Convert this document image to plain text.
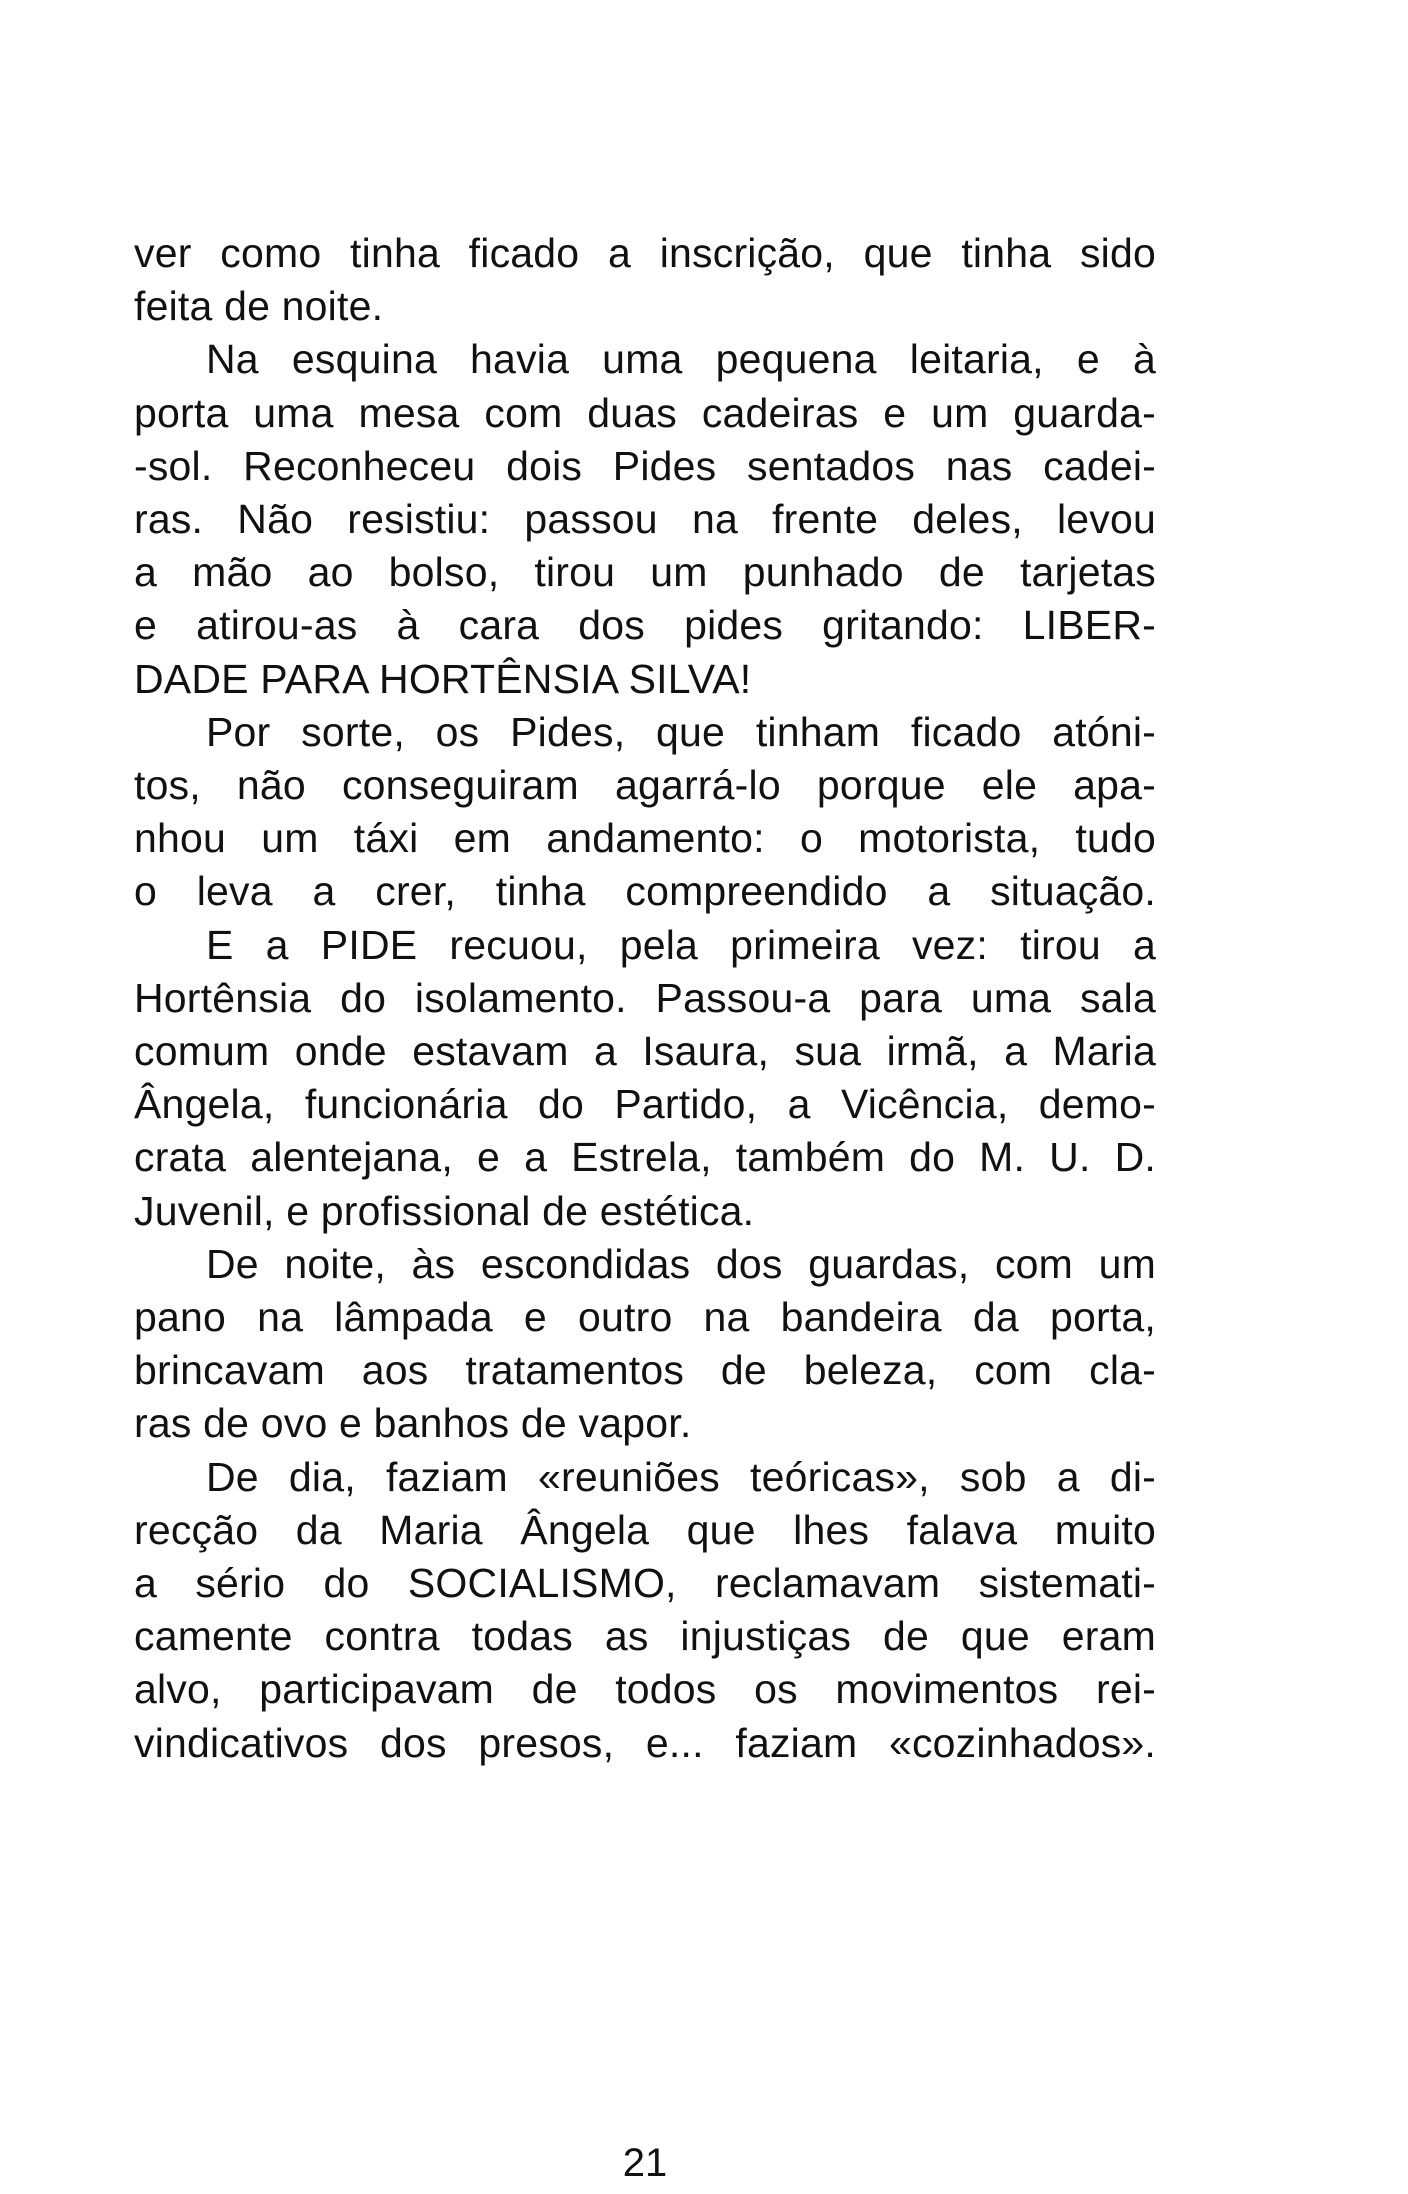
ver como tinha ficado a inscrição, que tinha sido
feita de noite.
Na esquina havia uma pequena leitaria, e à
porta uma mesa com duas cadeiras e um guarda-
-sol. Reconheceu dois Pides sentados nas cadei-
ras. Não resistiu: passou na frente deles, levou
a mão ao bolso, tirou um punhado de tarjetas
e atirou-as à cara dos pides gritando: LIBER-
DADE PARA HORTÊNSIA SILVA!
Por sorte, os Pides, que tinham ficado atóni-
tos, não conseguiram agarrá-lo porque ele apa-
nhou um táxi em andamento: o motorista, tudo
o leva a crer, tinha compreendido a situação.
E a PIDE recuou, pela primeira vez: tirou a
Hortênsia do isolamento. Passou-a para uma sala
comum onde estavam a Isaura, sua irmã, a Maria
Ângela, funcionária do Partido, a Vicência, demo-
crata alentejana, e a Estrela, também do M. U. D.
Juvenil, e profissional de estética.
De noite, às escondidas dos guardas, com um
pano na lâmpada e outro na bandeira da porta,
brincavam aos tratamentos de beleza, com cla-
ras de ovo e banhos de vapor.
De dia, faziam «reuniões teóricas», sob a di-
recção da Maria Ângela que lhes falava muito
a sério do SOCIALISMO, reclamavam sistemati-
camente contra todas as injustiças de que eram
alvo, participavam de todos os movimentos rei-
vindicativos dos presos, e... faziam «cozinhados».
21
